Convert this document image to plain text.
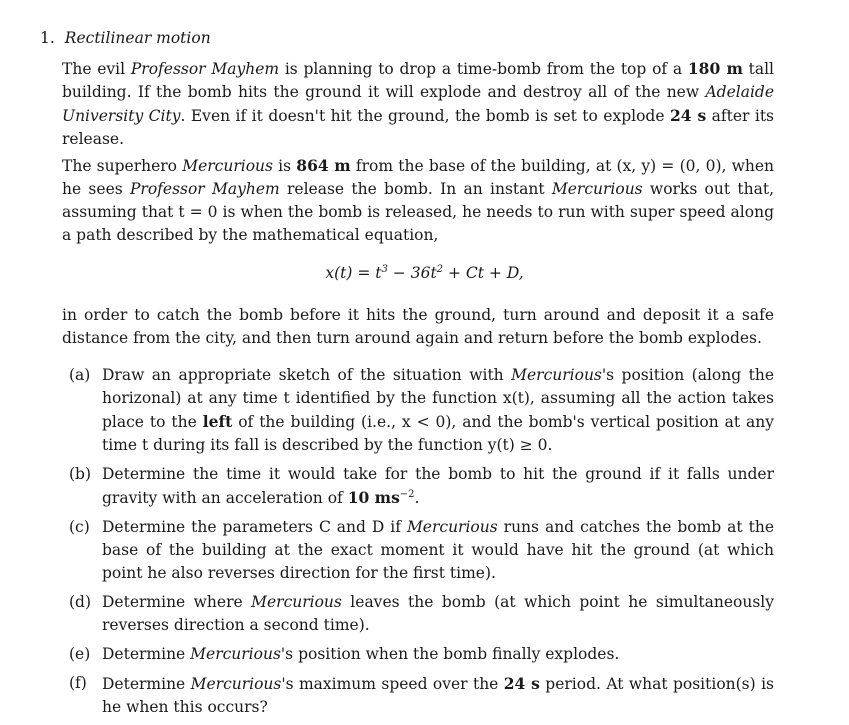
1. Rectilinear motion
The evil Professor Mayhem is planning to drop a time-bomb from the top of a 180 m tall building. If the bomb hits the ground it will explode and destroy all of the new Adelaide University City. Even if it doesn't hit the ground, the bomb is set to explode 24 s after its release.
The superhero Mercurious is 864 m from the base of the building, at (x, y) = (0, 0), when he sees Professor Mayhem release the bomb. In an instant Mercurious works out that, assuming that t = 0 is when the bomb is released, he needs to run with super speed along a path described by the mathematical equation,
$x(t) = t^3 - 36t^2 + Ct + D$,
in order to catch the bomb before it hits the ground, turn around and deposit it a safe distance from the city, and then turn around again and return before the bomb explodes.
(a) Draw an appropriate sketch of the situation with Mercurious's position (along the horizonal) at any time t identified by the function x(t), assuming all the action takes place to the left of the building (i.e., x < 0), and the bomb's vertical position at any time t during its fall is described by the function y(t) ≥ 0.
(b) Determine the time it would take for the bomb to hit the ground if it falls under gravity with an acceleration of 10 $ms^{-2}$.
(c) Determine the parameters C and D if Mercurious runs and catches the bomb at the base of the building at the exact moment it would have hit the ground (at which point he also reverses direction for the first time).
(d) Determine where Mercurious leaves the bomb (at which point he simultaneously reverses direction a second time).
(e) Determine Mercurious's position when the bomb finally explodes.
(f) Determine Mercurious's maximum speed over the 24 s period. At what position(s) is he when this occurs?
